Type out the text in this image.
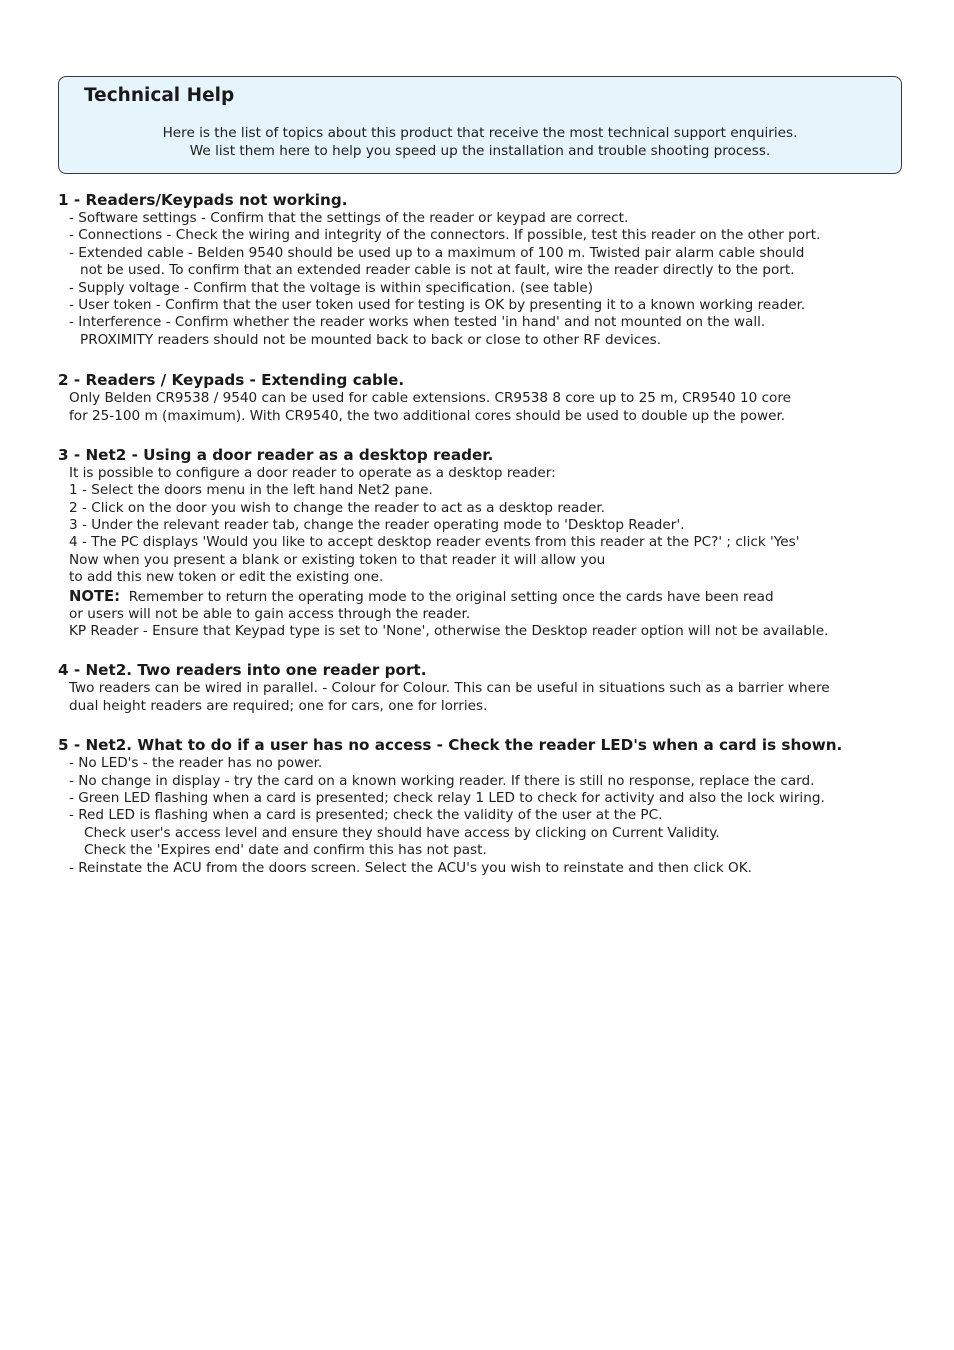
Technical Help
Here is the list of topics about this product that receive the most technical support enquiries.
We list them here to help you speed up the installation and trouble shooting process.
1 - Readers/Keypads not working.
- Software settings - Confirm that the settings of the reader or keypad are correct.
- Connections - Check the wiring and integrity of the connectors. If possible, test this reader on the other port.
- Extended cable - Belden 9540 should be used up to a maximum of 100 m. Twisted pair alarm cable should
not be used. To confirm that an extended reader cable is not at fault, wire the reader directly to the port.
- Supply voltage - Confirm that the voltage is within specification. (see table)
- User token - Confirm that the user token used for testing is OK by presenting it to a known working reader.
- Interference - Confirm whether the reader works when tested 'in hand' and not mounted on the wall.
PROXIMITY readers should not be mounted back to back or close to other RF devices.
2 - Readers / Keypads - Extending cable.
Only Belden CR9538 / 9540 can be used for cable extensions. CR9538 8 core up to 25 m, CR9540 10 core
for 25-100 m (maximum). With CR9540, the two additional cores should be used to double up the power.
3 - Net2 - Using a door reader as a desktop reader.
It is possible to configure a door reader to operate as a desktop reader:
1 - Select the doors menu in the left hand Net2 pane.
2 - Click on the door you wish to change the reader to act as a desktop reader.
3 - Under the relevant reader tab, change the reader operating mode to 'Desktop Reader'.
4 - The PC displays 'Would you like to accept desktop reader events from this reader at the PC?' ; click 'Yes'
Now when you present a blank or existing token to that reader it will allow you
to add this new token or edit the existing one.
NOTE: Remember to return the operating mode to the original setting once the cards have been read
or users will not be able to gain access through the reader.
KP Reader - Ensure that Keypad type is set to 'None', otherwise the Desktop reader option will not be available.
4 - Net2. Two readers into one reader port.
Two readers can be wired in parallel. - Colour for Colour. This can be useful in situations such as a barrier where
dual height readers are required; one for cars, one for lorries.
5 - Net2. What to do if a user has no access - Check the reader LED's when a card is shown.
- No LED's - the reader has no power.
- No change in display - try the card on a known working reader. If there is still no response, replace the card.
- Green LED flashing when a card is presented; check relay 1 LED to check for activity and also the lock wiring.
- Red LED is flashing when a card is presented; check the validity of the user at the PC.
Check user's access level and ensure they should have access by clicking on Current Validity.
Check the 'Expires end' date and confirm this has not past.
- Reinstate the ACU from the doors screen. Select the ACU's you wish to reinstate and then click OK.
